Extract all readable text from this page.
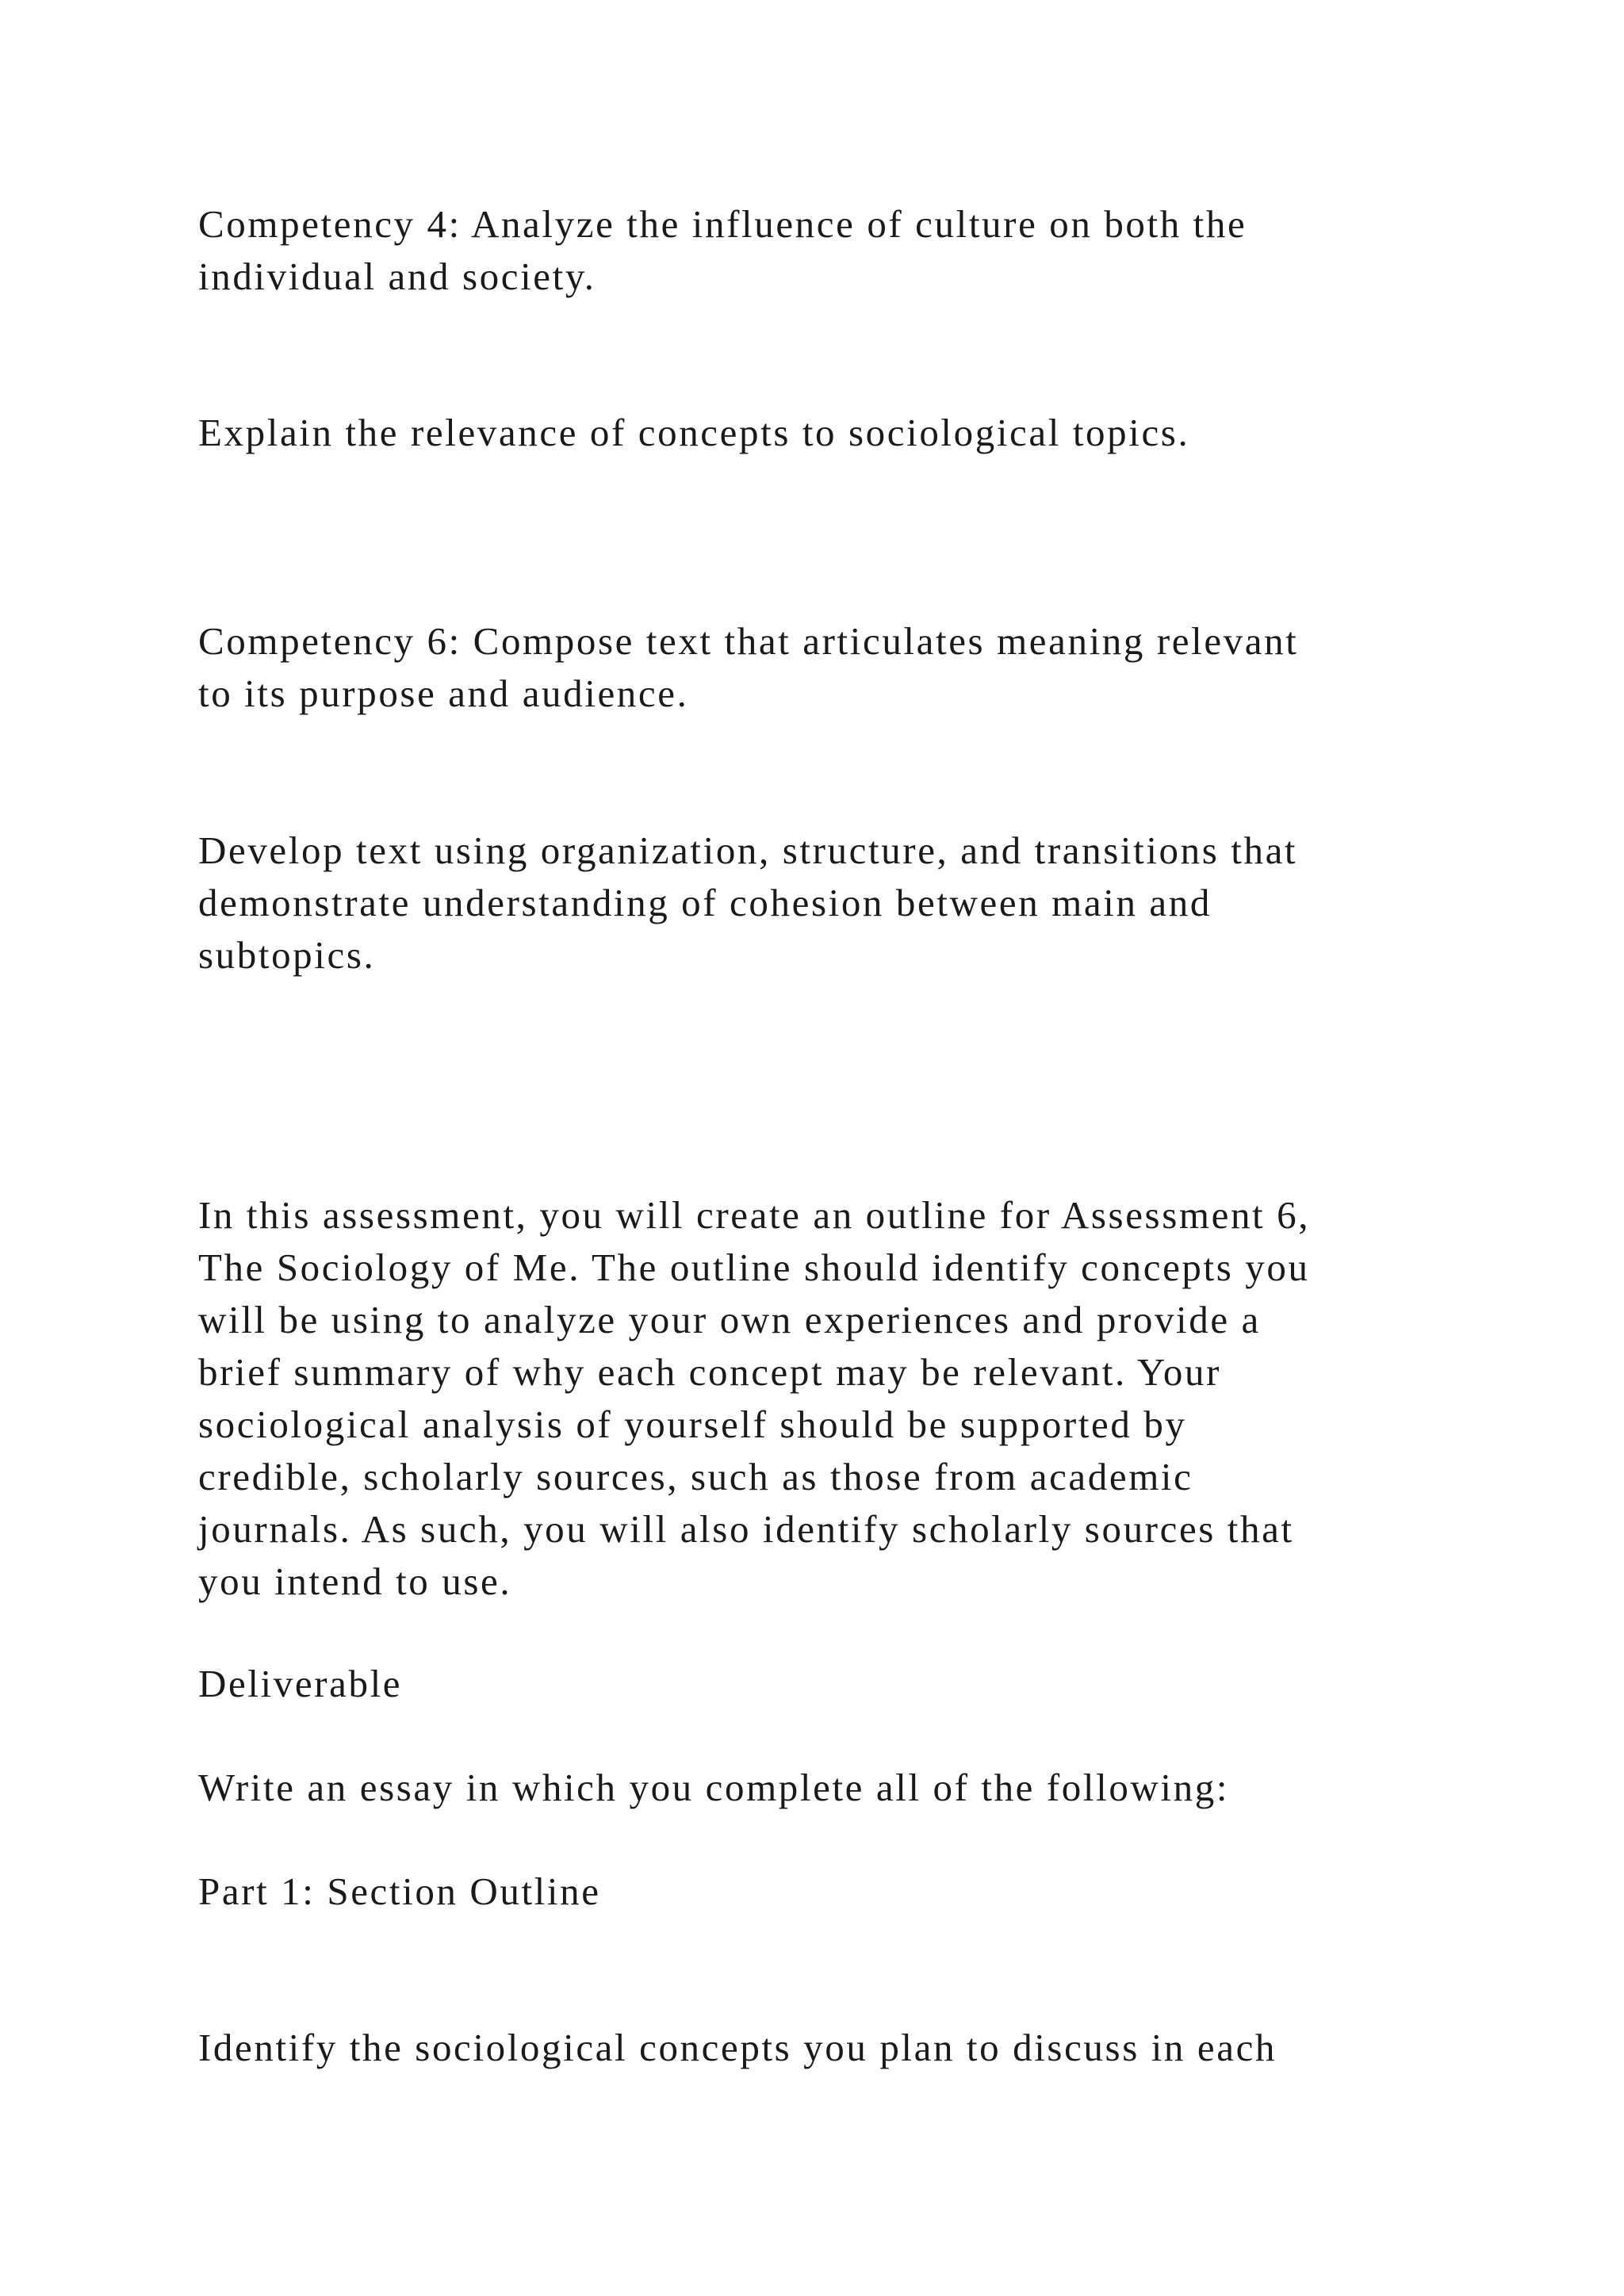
Competency 4: Analyze the influence of culture on both the
individual and society.

Explain the relevance of concepts to sociological topics.

Competency 6: Compose text that articulates meaning relevant
to its purpose and audience.

Develop text using organization, structure, and transitions that
demonstrate understanding of cohesion between main and
subtopics.

In this assessment, you will create an outline for Assessment 6,
The Sociology of Me. The outline should identify concepts you
will be using to analyze your own experiences and provide a
brief summary of why each concept may be relevant. Your
sociological analysis of yourself should be supported by
credible, scholarly sources, such as those from academic
journals. As such, you will also identify scholarly sources that
you intend to use.

Deliverable

Write an essay in which you complete all of the following:

Part 1: Section Outline

Identify the sociological concepts you plan to discuss in each
